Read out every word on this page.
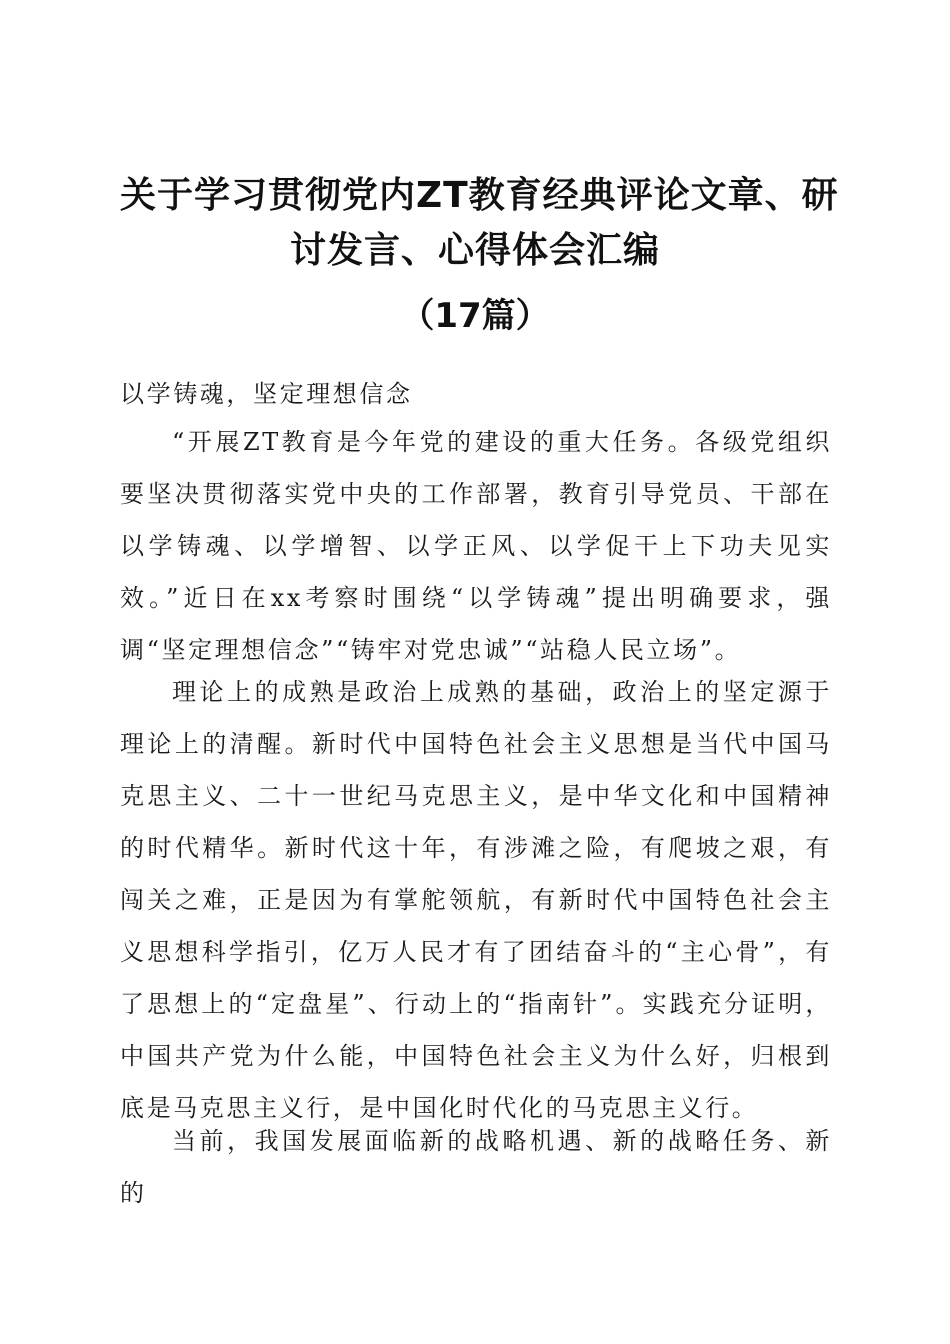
关于学习贯彻党内ZT教育经典评论文章、研
讨发言、心得体会汇编
（17篇）
以学铸魂，坚定理想信念

“开展ZT教育是今年党的建设的重大任务。各级党组织要坚决贯彻落实党中央的工作部署，教育引导党员、干部在以学铸魂、以学增智、以学正风、以学促干上下功夫见实效。”近日在xx考察时围绕“以学铸魂”提出明确要求，强调“坚定理想信念”“铸牢对党忠诚”“站稳人民立场”。

理论上的成熟是政治上成熟的基础，政治上的坚定源于理论上的清醒。新时代中国特色社会主义思想是当代中国马克思主义、二十一世纪马克思主义，是中华文化和中国精神的时代精华。新时代这十年，有涉滩之险，有爬坡之艰，有闯关之难，正是因为有掌舵领航，有新时代中国特色社会主义思想科学指引，亿万人民才有了团结奋斗的“主心骨”，有了思想上的“定盘星”、行动上的“指南针”。实践充分证明，中国共产党为什么能，中国特色社会主义为什么好，归根到底是马克思主义行，是中国化时代化的马克思主义行。

当前，我国发展面临新的战略机遇、新的战略任务、新的
